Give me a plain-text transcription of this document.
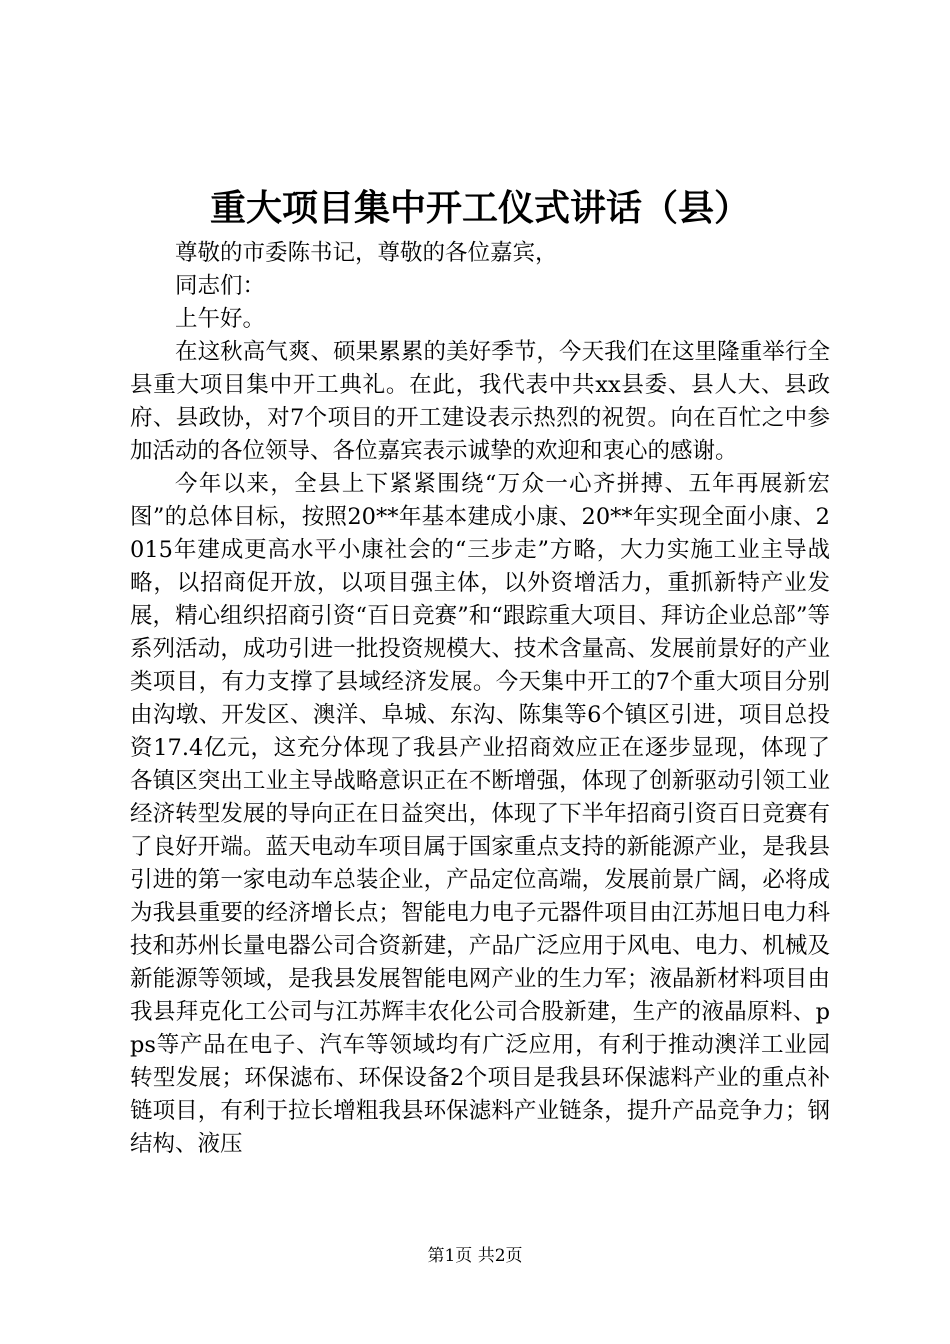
重大项目集中开工仪式讲话（县）

尊敬的市委陈书记，尊敬的各位嘉宾，

同志们：

上午好。

在这秋高气爽、硕果累累的美好季节，今天我们在这里隆重举行全县重大项目集中开工典礼。在此，我代表中共xx县委、县人大、县政府、县政协，对7个项目的开工建设表示热烈的祝贺。向在百忙之中参加活动的各位领导、各位嘉宾表示诚挚的欢迎和衷心的感谢。

今年以来，全县上下紧紧围绕“万众一心齐拼搏、五年再展新宏图”的总体目标，按照20**年基本建成小康、20**年实现全面小康、2015年建成更高水平小康社会的“三步走”方略，大力实施工业主导战略，以招商促开放，以项目强主体，以外资增活力，重抓新特产业发展，精心组织招商引资“百日竞赛”和“跟踪重大项目、拜访企业总部”等系列活动，成功引进一批投资规模大、技术含量高、发展前景好的产业类项目，有力支撑了县域经济发展。今天集中开工的7个重大项目分别由沟墩、开发区、澳洋、阜城、东沟、陈集等6个镇区引进，项目总投资17.4亿元，这充分体现了我县产业招商效应正在逐步显现，体现了各镇区突出工业主导战略意识正在不断增强，体现了创新驱动引领工业经济转型发展的导向正在日益突出，体现了下半年招商引资百日竞赛有了良好开端。蓝天电动车项目属于国家重点支持的新能源产业，是我县引进的第一家电动车总装企业，产品定位高端，发展前景广阔，必将成为我县重要的经济增长点；智能电力电子元器件项目由江苏旭日电力科技和苏州长量电器公司合资新建，产品广泛应用于风电、电力、机械及新能源等领域，是我县发展智能电网产业的生力军；液晶新材料项目由我县拜克化工公司与江苏辉丰农化公司合股新建，生产的液晶原料、pps等产品在电子、汽车等领域均有广泛应用，有利于推动澳洋工业园转型发展；环保滤布、环保设备2个项目是我县环保滤料产业的重点补链项目，有利于拉长增粗我县环保滤料产业链条，提升产品竞争力；钢结构、液压

第1页 共2页
